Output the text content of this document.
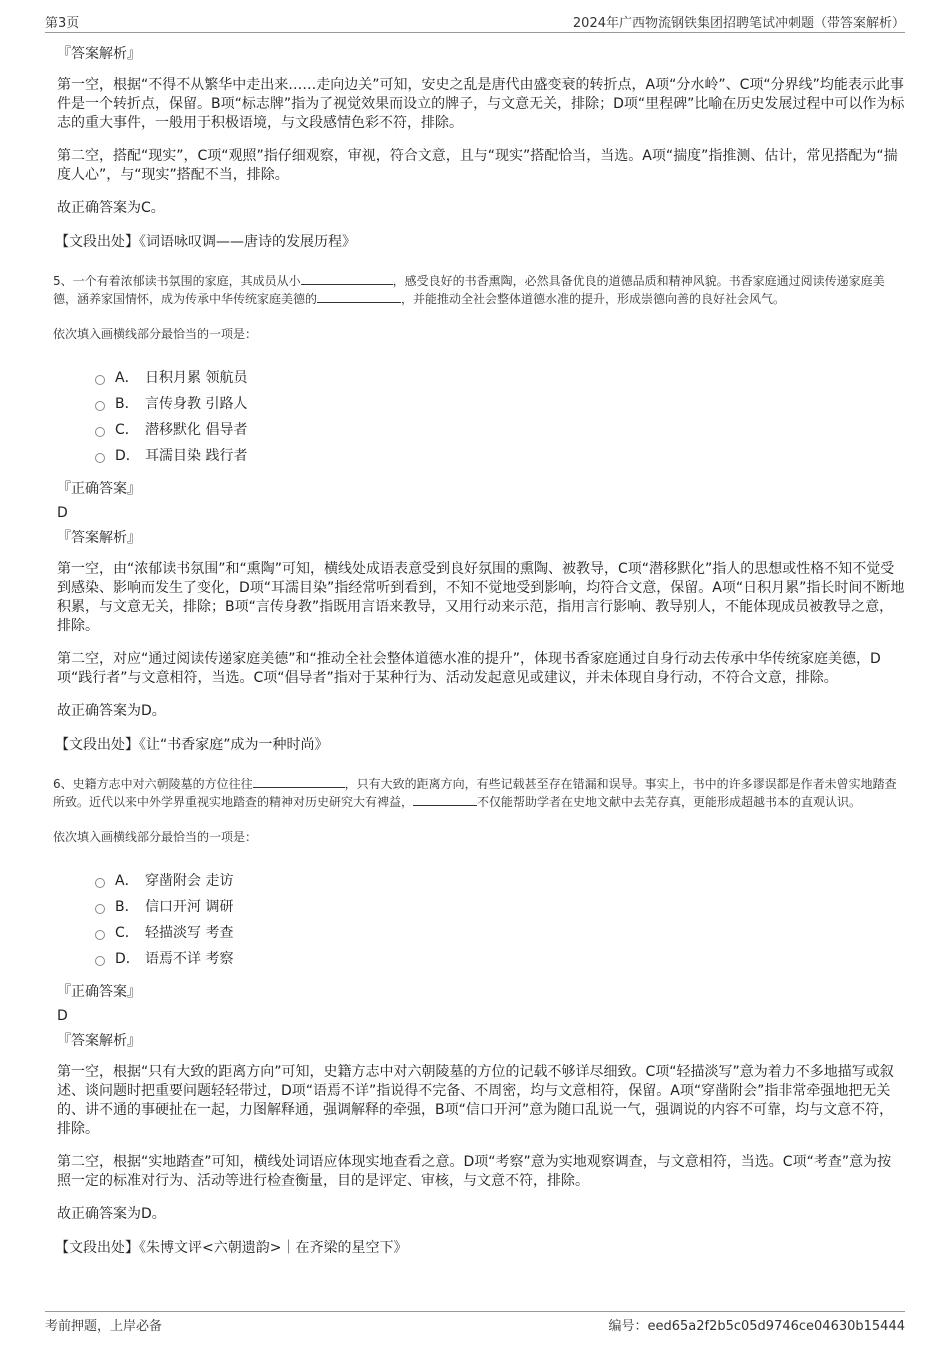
第3页	2024年广西物流钢铁集团招聘笔试冲刺题（带答案解析）
『答案解析』

第一空，根据“不得不从繁华中走出来……走向边关”可知，安史之乱是唐代由盛变衰的转折点，A项“分水岭”、C项“分界线”均能表示此事件是一个转折点，保留。B项“标志牌”指为了视觉效果而设立的牌子，与文意无关，排除；D项“里程碑”比喻在历史发展过程中可以作为标志的重大事件，一般用于积极语境，与文段感情色彩不符，排除。

第二空，搭配“现实”，C项“观照”指仔细观察，审视，符合文意，且与“现实”搭配恰当，当选。A项“揣度”指推测、估计，常见搭配为“揣度人心”，与“现实”搭配不当，排除。

故正确答案为C。

【文段出处】《词语咏叹调——唐诗的发展历程》
5、一个有着浓郁读书氛围的家庭，其成员从小	，感受良好的书香熏陶，必然具备优良的道德品质和精神风貌。书香家庭通过阅读传递家庭美德，涵养家国情怀，成为传承中华传统家庭美德的	，并能推动全社会整体道德水准的提升，形成崇德向善的良好社会风气。
依次填入画横线部分最恰当的一项是：
A． 日积月累 领航员
B． 言传身教 引路人
C． 潜移默化 倡导者
D． 耳濡目染 践行者
『正确答案』
D
『答案解析』

第一空，由“浓郁读书氛围”和“熏陶”可知，横线处成语表意受到良好氛围的熏陶、被教导，C项“潜移默化”指人的思想或性格不知不觉受到感染、影响而发生了变化，D项“耳濡目染”指经常听到看到，不知不觉地受到影响，均符合文意，保留。A项“日积月累”指长时间不断地积累，与文意无关，排除；B项“言传身教”指既用言语来教导，又用行动来示范，指用言行影响、教导别人，不能体现成员被教导之意，排除。

第二空，对应“通过阅读传递家庭美德”和“推动全社会整体道德水准的提升”，体现书香家庭通过自身行动去传承中华传统家庭美德，D项“践行者”与文意相符，当选。C项“倡导者”指对于某种行为、活动发起意见或建议，并未体现自身行动，不符合文意，排除。

故正确答案为D。

【文段出处】《让“书香家庭”成为一种时尚》
6、史籍方志中对六朝陵墓的方位往往	，只有大致的距离方向，有些记载甚至存在错漏和误导。事实上，书中的许多谬误都是作者未曾实地踏查所致。近代以来中外学界重视实地踏查的精神对历史研究大有裨益，	不仅能帮助学者在史地文献中去芜存真，更能形成超越书本的直观认识。
依次填入画横线部分最恰当的一项是：
A． 穿凿附会 走访
B． 信口开河 调研
C． 轻描淡写 考查
D． 语焉不详 考察
『正确答案』
D
『答案解析』

第一空，根据“只有大致的距离方向”可知，史籍方志中对六朝陵墓的方位的记载不够详尽细致。C项“轻描淡写”意为着力不多地描写或叙述、谈问题时把重要问题轻轻带过，D项“语焉不详”指说得不完备、不周密，均与文意相符，保留。A项“穿凿附会”指非常牵强地把无关的、讲不通的事硬扯在一起，力图解释通，强调解释的牵强，B项“信口开河”意为随口乱说一气，强调说的内容不可靠，均与文意不符，排除。

第二空，根据“实地踏查”可知，横线处词语应体现实地查看之意。D项“考察”意为实地观察调查，与文意相符，当选。C项“考查”意为按照一定的标准对行为、活动等进行检查衡量，目的是评定、审核，与文意不符，排除。

故正确答案为D。

【文段出处】《朱博文评<六朝遗韵>｜在齐梁的星空下》
考前押题，上岸必备	编号：eed65a2f2b5c05d9746ce04630b15444
